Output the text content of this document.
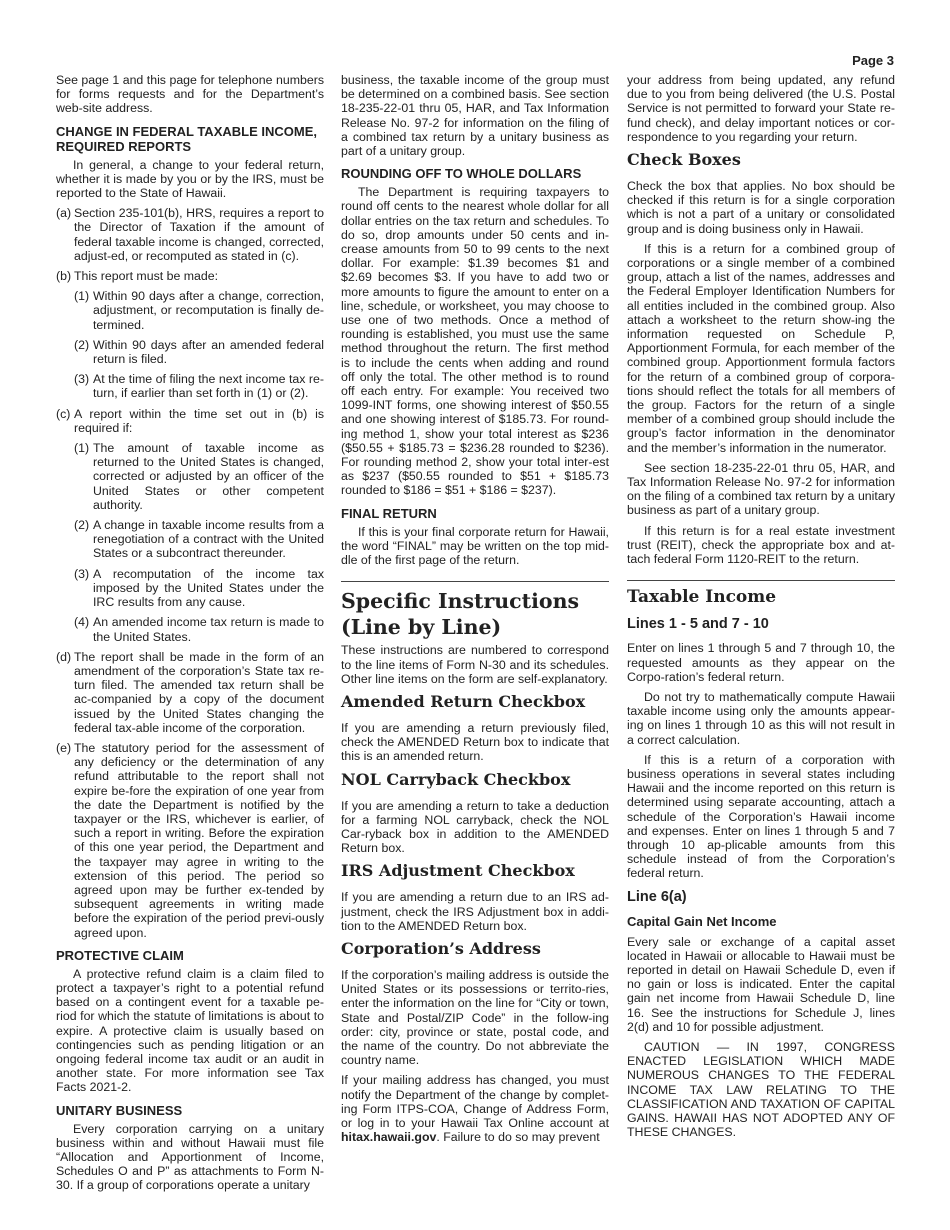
Page 3

See page 1 and this page for telephone numbers for forms requests and for the Department’s web-site address.

CHANGE IN FEDERAL TAXABLE INCOME, REQUIRED REPORTS

In general, a change to your federal return, whether it is made by you or by the IRS, must be reported to the State of Hawaii.

(a) Section 235-101(b), HRS, requires a report to the Director of Taxation if the amount of federal taxable income is changed, corrected, adjust-ed, or recomputed as stated in (c).
(b) This report must be made:
(1) Within 90 days after a change, correction, adjustment, or recomputation is finally de-termined.
(2) Within 90 days after an amended federal return is filed.
(3) At the time of filing the next income tax re-turn, if earlier than set forth in (1) or (2).
(c) A report within the time set out in (b) is required if:
(1) The amount of taxable income as returned to the United States is changed, corrected or adjusted by an officer of the United States or other competent authority.
(2) A change in taxable income results from a renegotiation of a contract with the United States or a subcontract thereunder.
(3) A recomputation of the income tax imposed by the United States under the IRC results from any cause.
(4) An amended income tax return is made to the United States.
(d) The report shall be made in the form of an amendment of the corporation’s State tax re-turn filed. The amended tax return shall be ac-companied by a copy of the document issued by the United States changing the federal tax-able income of the corporation.
(e) The statutory period for the assessment of any deficiency or the determination of any refund attributable to the report shall not expire be-fore the expiration of one year from the date the Department is notified by the taxpayer or the IRS, whichever is earlier, of such a report in writing. Before the expiration of this one year period, the Department and the taxpayer may agree in writing to the extension of this period. The period so agreed upon may be further ex-tended by subsequent agreements in writing made before the expiration of the period previ-ously agreed upon.
PROTECTIVE CLAIM

A protective refund claim is a claim filed to protect a taxpayer’s right to a potential refund based on a contingent event for a taxable pe-riod for which the statute of limitations is about to expire. A protective claim is usually based on contingencies such as pending litigation or an ongoing federal income tax audit or an audit in another state. For more information see Tax Facts 2021-2.

UNITARY BUSINESS

Every corporation carrying on a unitary business within and without Hawaii must file “Allocation and Apportionment of Income, Schedules O and P” as attachments to Form N-30. If a group of corporations operate a unitary

business, the taxable income of the group must be determined on a combined basis. See section 18-235-22-01 thru 05, HAR, and Tax Information Release No. 97-2 for information on the filing of a combined tax return by a unitary business as part of a unitary group.

ROUNDING OFF TO WHOLE DOLLARS

The Department is requiring taxpayers to round off cents to the nearest whole dollar for all dollar entries on the tax return and schedules. To do so, drop amounts under 50 cents and in-crease amounts from 50 to 99 cents to the next dollar. For example: $1.39 becomes $1 and $2.69 becomes $3. If you have to add two or more amounts to figure the amount to enter on a line, schedule, or worksheet, you may choose to use one of two methods. Once a method of rounding is established, you must use the same method throughout the return. The first method is to include the cents when adding and round off only the total. The other method is to round off each entry. For example: You received two 1099-INT forms, one showing interest of $50.55 and one showing interest of $185.73. For round-ing method 1, show your total interest as $236 ($50.55 + $185.73 = $236.28 rounded to $236). For rounding method 2, show your total inter-est as $237 ($50.55 rounded to $51 + $185.73 rounded to $186 = $51 + $186 = $237).

FINAL RETURN

If this is your final corporate return for Hawaii, the word “FINAL” may be written on the top mid-dle of the first page of the return.

Specific Instructions (Line by Line)

These instructions are numbered to correspond to the line items of Form N-30 and its schedules. Other line items on the form are self-explanatory.

Amended Return Checkbox

If you are amending a return previously filed, check the AMENDED Return box to indicate that this is an amended return.

NOL Carryback Checkbox

If you are amending a return to take a deduction for a farming NOL carryback, check the NOL Car-ryback box in addition to the AMENDED Return box.

IRS Adjustment Checkbox

If you are amending a return due to an IRS ad-justment, check the IRS Adjustment box in addi-tion to the AMENDED Return box.

Corporation’s Address

If the corporation’s mailing address is outside the United States or its possessions or territo-ries, enter the information on the line for “City or town, State and Postal/ZIP Code” in the follow-ing order: city, province or state, postal code, and the name of the country. Do not abbreviate the country name.

If your mailing address has changed, you must notify the Department of the change by complet-ing Form ITPS-COA, Change of Address Form, or log in to your Hawaii Tax Online account at hitax.hawaii.gov. Failure to do so may prevent

your address from being updated, any refund due to you from being delivered (the U.S. Postal Service is not permitted to forward your State re-fund check), and delay important notices or cor-respondence to you regarding your return.

Check Boxes

Check the box that applies. No box should be checked if this return is for a single corporation which is not a part of a unitary or consolidated group and is doing business only in Hawaii.

If this is a return for a combined group of corporations or a single member of a combined group, attach a list of the names, addresses and the Federal Employer Identification Numbers for all entities included in the combined group. Also attach a worksheet to the return show-ing the information requested on Schedule P, Apportionment Formula, for each member of the combined group. Apportionment formula factors for the return of a combined group of corpora-tions should reflect the totals for all members of the group. Factors for the return of a single member of a combined group should include the group’s factor information in the denominator and the member’s information in the numerator.

See section 18-235-22-01 thru 05, HAR, and Tax Information Release No. 97-2 for information on the filing of a combined tax return by a unitary business as part of a unitary group.

If this return is for a real estate investment trust (REIT), check the appropriate box and at-tach federal Form 1120-REIT to the return.

Taxable Income
Lines 1 - 5 and 7 - 10

Enter on lines 1 through 5 and 7 through 10, the requested amounts as they appear on the Corpo-ration’s federal return.

Do not try to mathematically compute Hawaii taxable income using only the amounts appear-ing on lines 1 through 10 as this will not result in a correct calculation.

If this is a return of a corporation with business operations in several states including Hawaii and the income reported on this return is determined using separate accounting, attach a schedule of the Corporation’s Hawaii income and expenses. Enter on lines 1 through 5 and 7 through 10 ap-plicable amounts from this schedule instead of from the Corporation’s federal return.

Line 6(a)
Capital Gain Net Income

Every sale or exchange of a capital asset located in Hawaii or allocable to Hawaii must be reported in detail on Hawaii Schedule D, even if no gain or loss is indicated. Enter the capital gain net income from Hawaii Schedule D, line 16. See the instructions for Schedule J, lines 2(d) and 10 for possible adjustment.

CAUTION — IN 1997, CONGRESS ENACTED LEGISLATION WHICH MADE NUMEROUS CHANGES TO THE FEDERAL INCOME TAX LAW RELATING TO THE CLASSIFICATION AND TAXATION OF CAPITAL GAINS. HAWAII HAS NOT ADOPTED ANY OF THESE CHANGES.
